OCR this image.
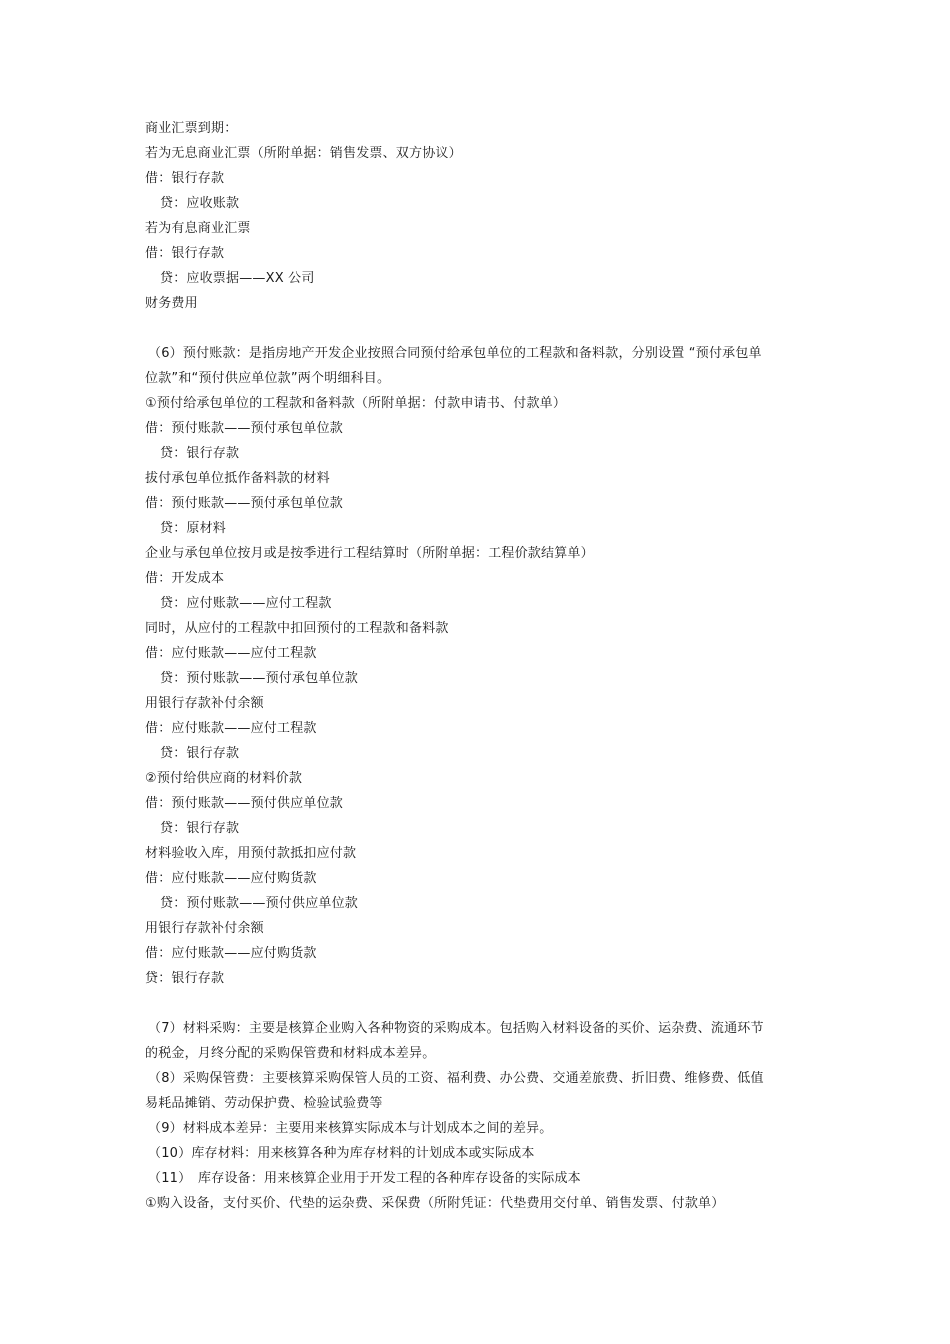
商业汇票到期：
若为无息商业汇票（所附单据：销售发票、双方协议）
借：银行存款
贷：应收账款
若为有息商业汇票
借：银行存款
贷：应收票据——XX 公司
财务费用
（6）预付账款：是指房地产开发企业按照合同预付给承包单位的工程款和备料款，分别设置 “预付承包单
位款”和“预付供应单位款”两个明细科目。
①预付给承包单位的工程款和备料款（所附单据：付款申请书、付款单）
借：预付账款——预付承包单位款
贷：银行存款
拔付承包单位抵作备料款的材料
借：预付账款——预付承包单位款
贷：原材料
企业与承包单位按月或是按季进行工程结算时（所附单据：工程价款结算单）
借：开发成本
贷：应付账款——应付工程款
同时，从应付的工程款中扣回预付的工程款和备料款
借：应付账款——应付工程款
贷：预付账款——预付承包单位款
用银行存款补付余额
借：应付账款——应付工程款
贷：银行存款
②预付给供应商的材料价款
借：预付账款——预付供应单位款
贷：银行存款
材料验收入库，用预付款抵扣应付款
借：应付账款——应付购货款
贷：预付账款——预付供应单位款
用银行存款补付余额
借：应付账款——应付购货款
贷：银行存款
（7）材料采购：主要是核算企业购入各种物资的采购成本。包括购入材料设备的买价、运杂费、流通环节
的税金，月终分配的采购保管费和材料成本差异。
（8）采购保管费：主要核算采购保管人员的工资、福利费、办公费、交通差旅费、折旧费、维修费、低值
易耗品摊销、劳动保护费、检验试验费等
（9）材料成本差异：主要用来核算实际成本与计划成本之间的差异。
（10）库存材料：用来核算各种为库存材料的计划成本或实际成本
（11）　库存设备：用来核算企业用于开发工程的各种库存设备的实际成本
①购入设备，支付买价、代垫的运杂费、采保费（所附凭证：代垫费用交付单、销售发票、付款单）
